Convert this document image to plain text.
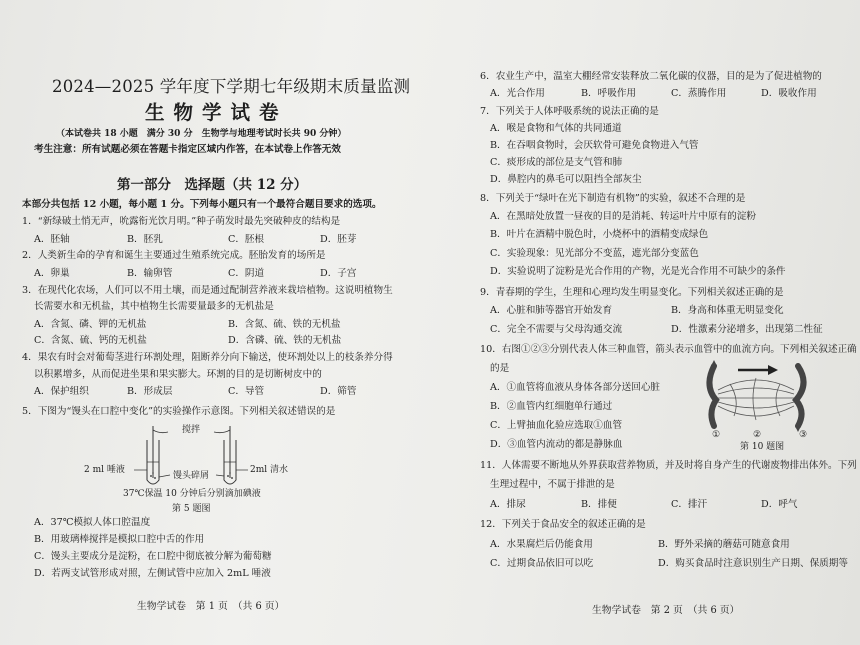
2024—2025 学年度下学期七年级期末质量监测
生物学试卷
（本试卷共 18 小题　满分 30 分　生物学与地理考试时长共 90 分钟）
考生注意：所有试题必须在答题卡指定区域内作答，在本试卷上作答无效
第一部分　选择题（共 12 分）
本部分共包括 12 小题，每小题 1 分。下列每小题只有一个最符合题目要求的选项。
1．“新绿破土悄无声，吮露衔光饮月明。”种子萌发时最先突破种皮的结构是
A．胚轴	B．胚乳	C．胚根	D．胚芽
2．人类新生命的孕育和诞生主要通过生殖系统完成。胚胎发育的场所是
A．卵巢	B．输卵管	C．阴道	D．子宫
3．在现代化农场，人们可以不用土壤，而是通过配制营养液来栽培植物。这说明植物生
长需要水和无机盐，其中植物生长需要量最多的无机盐是
A．含氮、磷、钾的无机盐	B．含氮、硫、铁的无机盐
C．含氮、硫、钙的无机盐	D．含磷、硫、铁的无机盐
4．果农有时会对葡萄茎进行环割处理，阻断养分向下输送，使环割处以上的枝条养分得
以积累增多，从而促进坐果和果实膨大。环割的目的是切断树皮中的
A．保护组织	B．形成层	C．导管	D．筛管
5．下图为“馒头在口腔中变化”的实验操作示意图。下列相关叙述错误的是
搅拌
2 ml 唾液
馒头碎屑
2ml 清水
37℃保温 10 分钟后分别滴加碘液
第 5 题图
A．37℃模拟人体口腔温度
B．用玻璃棒搅拌是模拟口腔中舌的作用
C．馒头主要成分是淀粉，在口腔中彻底被分解为葡萄糖
D．若两支试管形成对照，左侧试管中应加入 2mL 唾液
生物学试卷　第 1 页　（共 6 页）
6．农业生产中，温室大棚经常安装释放二氧化碳的仪器，目的是为了促进植物的
A．光合作用	B．呼吸作用	C．蒸腾作用	D．吸收作用
7．下列关于人体呼吸系统的说法正确的是
A．喉是食物和气体的共同通道
B．在吞咽食物时，会厌软骨可避免食物进入气管
C．痰形成的部位是支气管和肺
D．鼻腔内的鼻毛可以阻挡全部灰尘
8．下列关于“绿叶在光下制造有机物”的实验，叙述不合理的是
A．在黑暗处放置一昼夜的目的是消耗、转运叶片中原有的淀粉
B．叶片在酒精中脱色时，小烧杯中的酒精变成绿色
C．实验现象：见光部分不变蓝，遮光部分变蓝色
D．实验说明了淀粉是光合作用的产物，光是光合作用不可缺少的条件
9．青春期的学生，生理和心理均发生明显变化。下列相关叙述正确的是
A．心脏和肺等器官开始发育	B．身高和体重无明显变化
C．完全不需要与父母沟通交流	D．性激素分泌增多，出现第二性征
10．右图①②③分别代表人体三种血管，箭头表示血管中的血流方向。下列相关叙述正确
的是
A．①血管将血液从身体各部分送回心脏
B．②血管内红细胞单行通过
C．上臂抽血化验应选取①血管
D．③血管内流动的都是静脉血
①	②	③
第 10 题图
11．人体需要不断地从外界获取营养物质，并及时将自身产生的代谢废物排出体外。下列
生理过程中，不属于排泄的是
A．排尿	B．排便	C．排汗	D．呼气
12．下列关于食品安全的叙述正确的是
A．水果腐烂后仍能食用	B．野外采摘的蘑菇可随意食用
C．过期食品依旧可以吃	D．购买食品时注意识别生产日期、保质期等
生物学试卷　第 2 页　（共 6 页）
